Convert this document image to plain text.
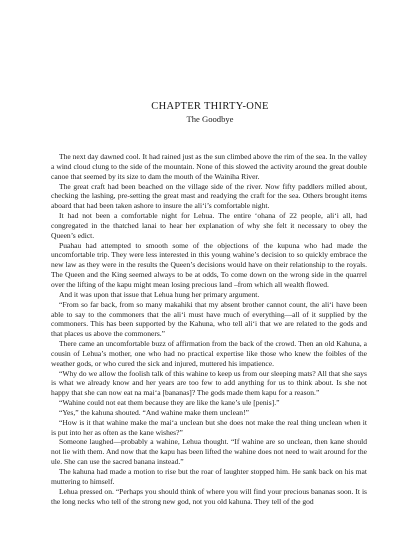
CHAPTER THIRTY-ONE
The Goodbye

The next day dawned cool. It had rained just as the sun climbed above the rim of the sea. In the valley a wind cloud clung to the side of the mountain. None of this slowed the activity around the great double canoe that seemed by its size to dam the mouth of the Wainiha River.

The great craft had been beached on the village side of the river. Now fifty paddlers milled about, checking the lashing, pre-setting the great mast and readying the craft for the sea. Others brought items aboard that had been taken ashore to insure the ali‘i’s comfortable night.

It had not been a comfortable night for Lehua. The entire ‘ohana of 22 people, ali‘i all, had congregated in the thatched lanai to hear her explanation of why she felt it necessary to obey the Queen’s edict.

Puahau had attempted to smooth some of the objections of the kupuna who had made the uncomfortable trip. They were less interested in this young wahine’s decision to so quickly embrace the new law as they were in the results the Queen’s decisions would have on their relationship to the royals. The Queen and the King seemed always to be at odds, To come down on the wrong side in the quarrel over the lifting of the kapu might mean losing precious land –from which all wealth flowed.

And it was upon that issue that Lehua hung her primary argument.

“From so far back, from so many makahiki that my absent brother cannot count, the ali‘i have been able to say to the commoners that the ali‘i must have much of everything—all of it supplied by the commoners. This has been supported by the Kahuna, who tell ali‘i that we are related to the gods and that places us above the commoners.”

There came an uncomfortable buzz of affirmation from the back of the crowd. Then an old Kahuna, a cousin of Lehua’s mother, one who had no practical expertise like those who knew the foibles of the weather gods, or who cured the sick and injured, muttered his impatience.

“Why do we allow the foolish talk of this wahine to keep us from our sleeping mats? All that she says is what we already know and her years are too few to add anything for us to think about. Is she not happy that she can now eat na mai‘a [bananas]? The gods made them kapu for a reason.”

“Wahine could not eat them because they are like the kane’s ule [penis].”

“Yes,” the kahuna shouted. “And wahine make them unclean!”

“How is it that wahine make the mai‘a unclean but she does not make the real thing unclean when it is put into her as often as the kane wishes?”

Someone laughed—probably a wahine, Lehua thought. “If wahine are so unclean, then kane should not lie with them. And now that the kapu has been lifted the wahine does not need to wait around for the ule. She can use the sacred banana instead.”

The kahuna had made a motion to rise but the roar of laughter stopped him. He sank back on his mat muttering to himself.

Lehua pressed on. “Perhaps you should think of where you will find your precious bananas soon. It is the long necks who tell of the strong new god, not you old kahuna. They tell of the god
